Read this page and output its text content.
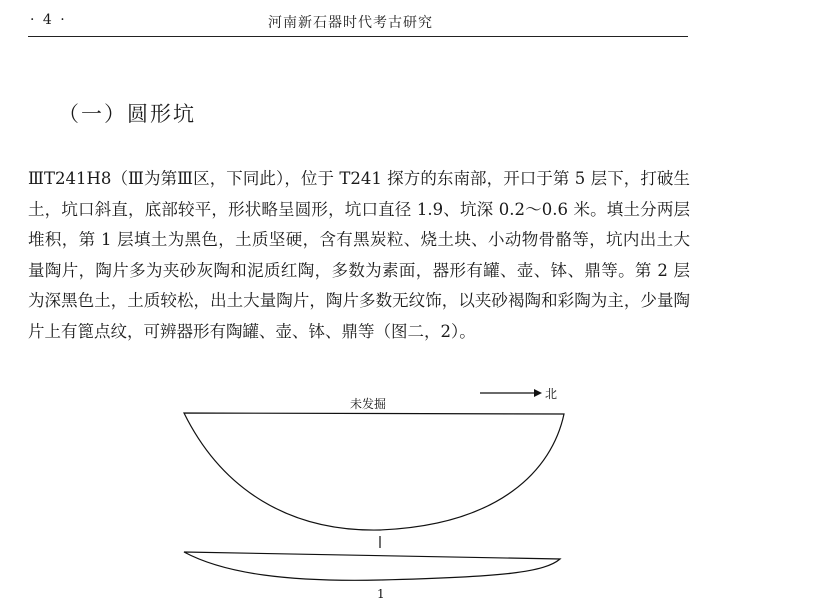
· 4 ·	河南新石器时代考古研究
（一）圆形坑

ⅢT241H8（Ⅲ为第Ⅲ区，下同此），位于 T241 探方的东南部，开口于第 5 层下，打破生土，坑口斜直，底部较平，形状略呈圆形，坑口直径 1.9、坑深 0.2～0.6 米。填土分两层堆积，第 1 层填土为黑色，土质坚硬，含有黑炭粒、烧土块、小动物骨骼等，坑内出土大量陶片，陶片多为夹砂灰陶和泥质红陶，多数为素面，器形有罐、壶、钵、鼎等。第 2 层为深黑色土，土质较松，出土大量陶片，陶片多数无纹饰，以夹砂褐陶和彩陶为主，少量陶片上有篦点纹，可辨器形有陶罐、壶、钵、鼎等（图二，2）。

北
未发掘
1
